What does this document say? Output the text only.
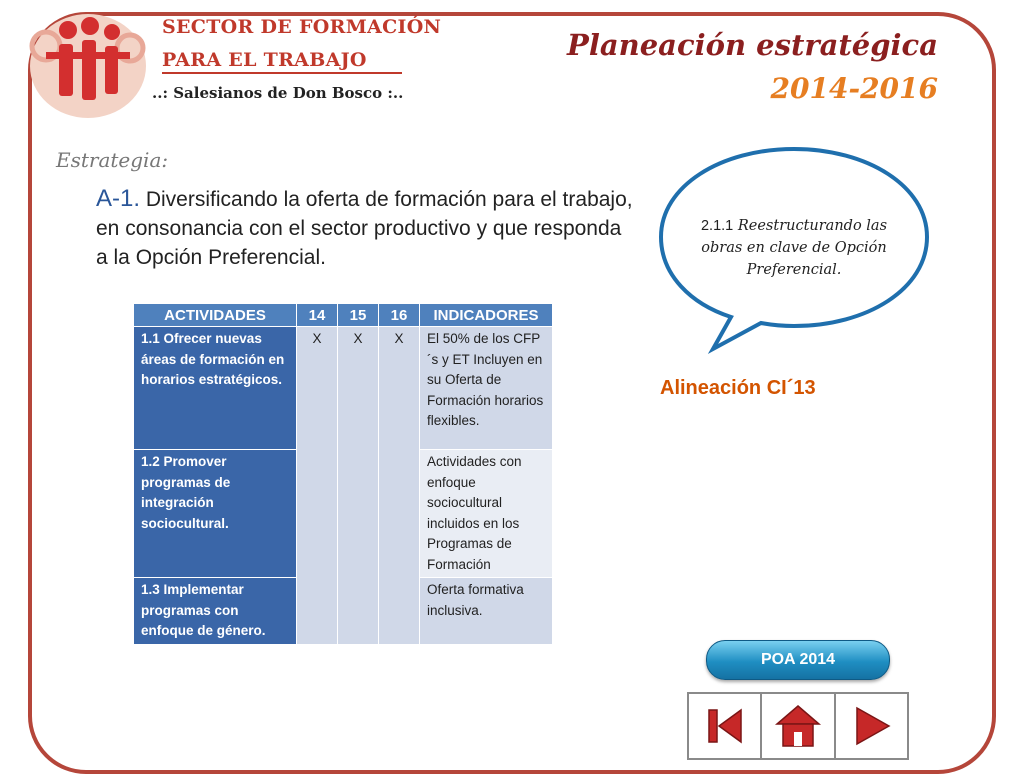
SECTOR DE FORMACIÓN
PARA EL TRABAJO
..: Salesianos de Don Bosco :..
Planeación estratégica
2014-2016
Estrategia:
A-1. Diversificando la oferta de formación para el trabajo, en consonancia con el sector productivo y que responda a la Opción Preferencial.
ACTIVIDADES	14	15	16	INDICADORES
1.1 Ofrecer nuevas áreas de formación en horarios estratégicos.	X	X	X	El 50% de los CFP´s y ET Incluyen en su Oferta de Formación horarios flexibles.
1.2 Promover programas de integración sociocultural.				Actividades con enfoque sociocultural incluidos en los Programas de Formación
1.3 Implementar programas con enfoque de género.				Oferta formativa inclusiva.
2.1.1 Reestructurando las obras en clave de Opción Preferencial.
Alineación CI´13
POA 2014
